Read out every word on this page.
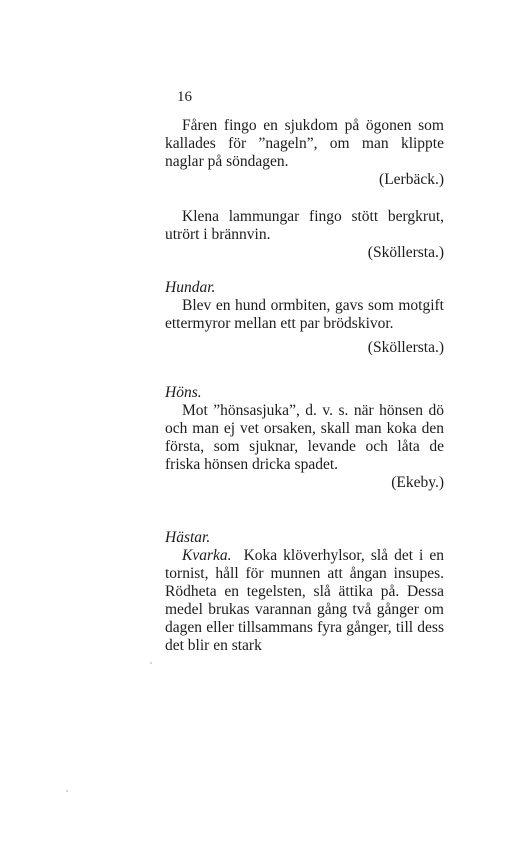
16

Fåren fingo en sjukdom på ögonen som kallades för ”nageln”, om man klippte naglar på söndagen.

(Lerbäck.)

Klena lammungar fingo stött bergkrut, utrört i brännvin.

(Sköllersta.)

Hundar.

Blev en hund ormbiten, gavs som motgift ettermyror mellan ett par brödskivor.

(Sköllersta.)

Höns.

Mot ”hönsasjuka”, d. v. s. när hönsen dö och man ej vet orsaken, skall man koka den första, som sjuknar, levande och låta de friska hönsen dricka spadet.

(Ekeby.)

Hästar.

Kvarka. Koka klöverhylsor, slå det i en tornist, håll för munnen att ångan insupes. Rödheta en tegelsten, slå ättika på. Dessa medel brukas varannan gång två gånger om dagen eller tillsammans fyra gånger, till dess det blir en stark
